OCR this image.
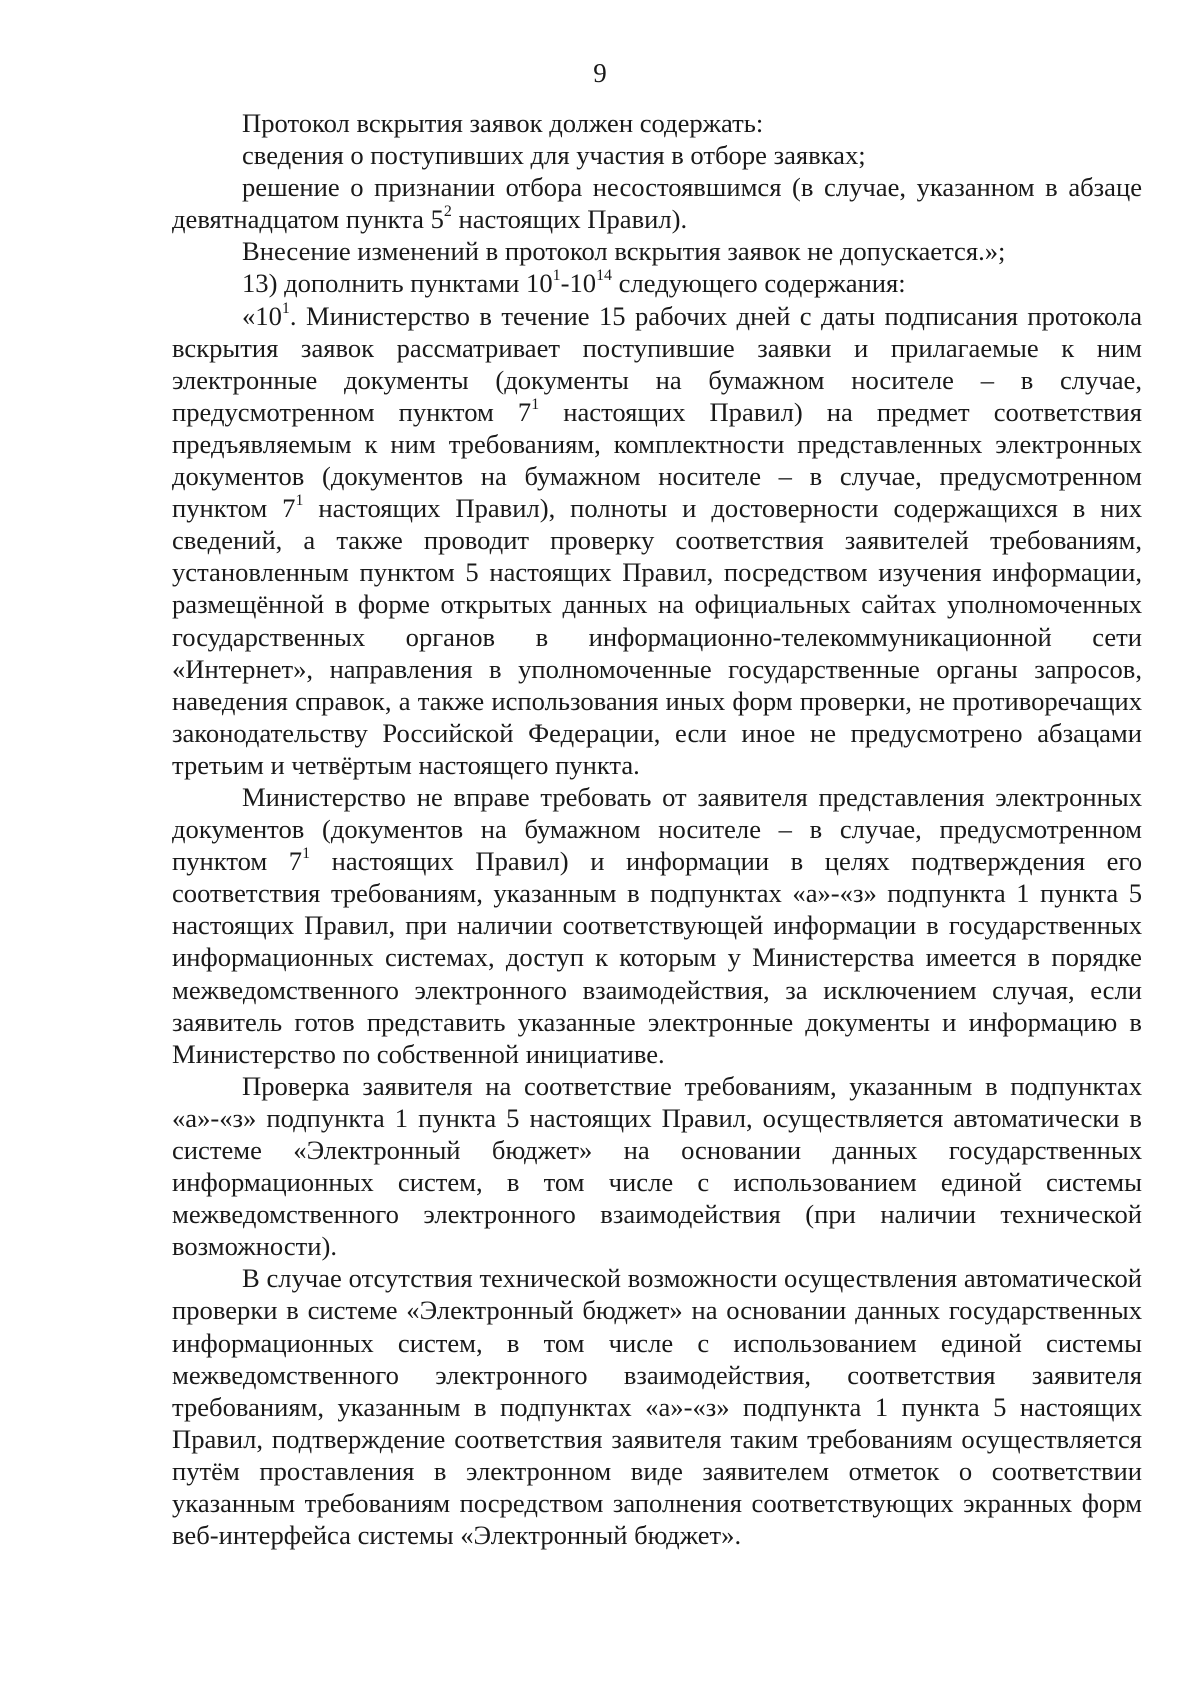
9

Протокол вскрытия заявок должен содержать:

сведения о поступивших для участия в отборе заявках;

решение о признании отбора несостоявшимся (в случае, указанном в абзаце девятнадцатом пункта $5^2$ настоящих Правил).

Внесение изменений в протокол вскрытия заявок не допускается.»;

13) дополнить пунктами $10^1-10^{14}$ следующего содержания:

«$10^1$. Министерство в течение 15 рабочих дней с даты подписания протокола вскрытия заявок рассматривает поступившие заявки и прилагаемые к ним электронные документы (документы на бумажном носителе – в случае, предусмотренном пунктом $7^1$ настоящих Правил) на предмет соответствия предъявляемым к ним требованиям, комплектности представленных электронных документов (документов на бумажном носителе – в случае, предусмотренном пунктом $7^1$ настоящих Правил), полноты и достоверности содержащихся в них сведений, а также проводит проверку соответствия заявителей требованиям, установленным пунктом 5 настоящих Правил, посредством изучения информации, размещённой в форме открытых данных на официальных сайтах уполномоченных государственных органов в информационно-телекоммуникационной сети «Интернет», направления в уполномоченные государственные органы запросов, наведения справок, а также использования иных форм проверки, не противоречащих законодательству Российской Федерации, если иное не предусмотрено абзацами третьим и четвёртым настоящего пункта.

Министерство не вправе требовать от заявителя представления электронных документов (документов на бумажном носителе – в случае, предусмотренном пунктом $7^1$ настоящих Правил) и информации в целях подтверждения его соответствия требованиям, указанным в подпунктах «а»-«з» подпункта 1 пункта 5 настоящих Правил, при наличии соответствующей информации в государственных информационных системах, доступ к которым у Министерства имеется в порядке межведомственного электронного взаимодействия, за исключением случая, если заявитель готов представить указанные электронные документы и информацию в Министерство по собственной инициативе.

Проверка заявителя на соответствие требованиям, указанным в подпунктах «а»-«з» подпункта 1 пункта 5 настоящих Правил, осуществляется автоматически в системе «Электронный бюджет» на основании данных государственных информационных систем, в том числе с использованием единой системы межведомственного электронного взаимодействия (при наличии технической возможности).

В случае отсутствия технической возможности осуществления автоматической проверки в системе «Электронный бюджет» на основании данных государственных информационных систем, в том числе с использованием единой системы межведомственного электронного взаимодействия, соответствия заявителя требованиям, указанным в подпунктах «а»-«з» подпункта 1 пункта 5 настоящих Правил, подтверждение соответствия заявителя таким требованиям осуществляется путём проставления в электронном виде заявителем отметок о соответствии указанным требованиям посредством заполнения соответствующих экранных форм веб-интерфейса системы «Электронный бюджет».
